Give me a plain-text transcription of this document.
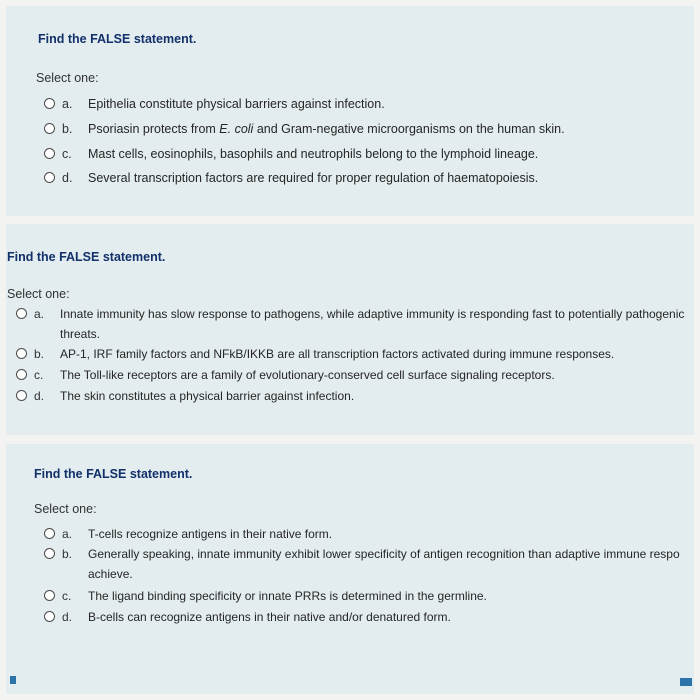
Find the FALSE statement.
Select one:
a.	Epithelia constitute physical barriers against infection.
b.	Psoriasin protects from E. coli and Gram-negative microorganisms on the human skin.
c.	Mast cells, eosinophils, basophils and neutrophils belong to the lymphoid lineage.
d.	Several transcription factors are required for proper regulation of haematopoiesis.
Find the FALSE statement.
Select one:
a.	Innate immunity has slow response to pathogens, while adaptive immunity is responding fast to potentially pathogenic
threats.
b.	AP-1, IRF family factors and NFkB/IKKB are all transcription factors activated during immune responses.
c.	The Toll-like receptors are a family of evolutionary-conserved cell surface signaling receptors.
d.	The skin constitutes a physical barrier against infection.
Find the FALSE statement.
Select one:
a.	T-cells recognize antigens in their native form.
b.	Generally speaking, innate immunity exhibit lower specificity of antigen recognition than adaptive immune respo
achieve.
c.	The ligand binding specificity or innate PRRs is determined in the germline.
d.	B-cells can recognize antigens in their native and/or denatured form.
